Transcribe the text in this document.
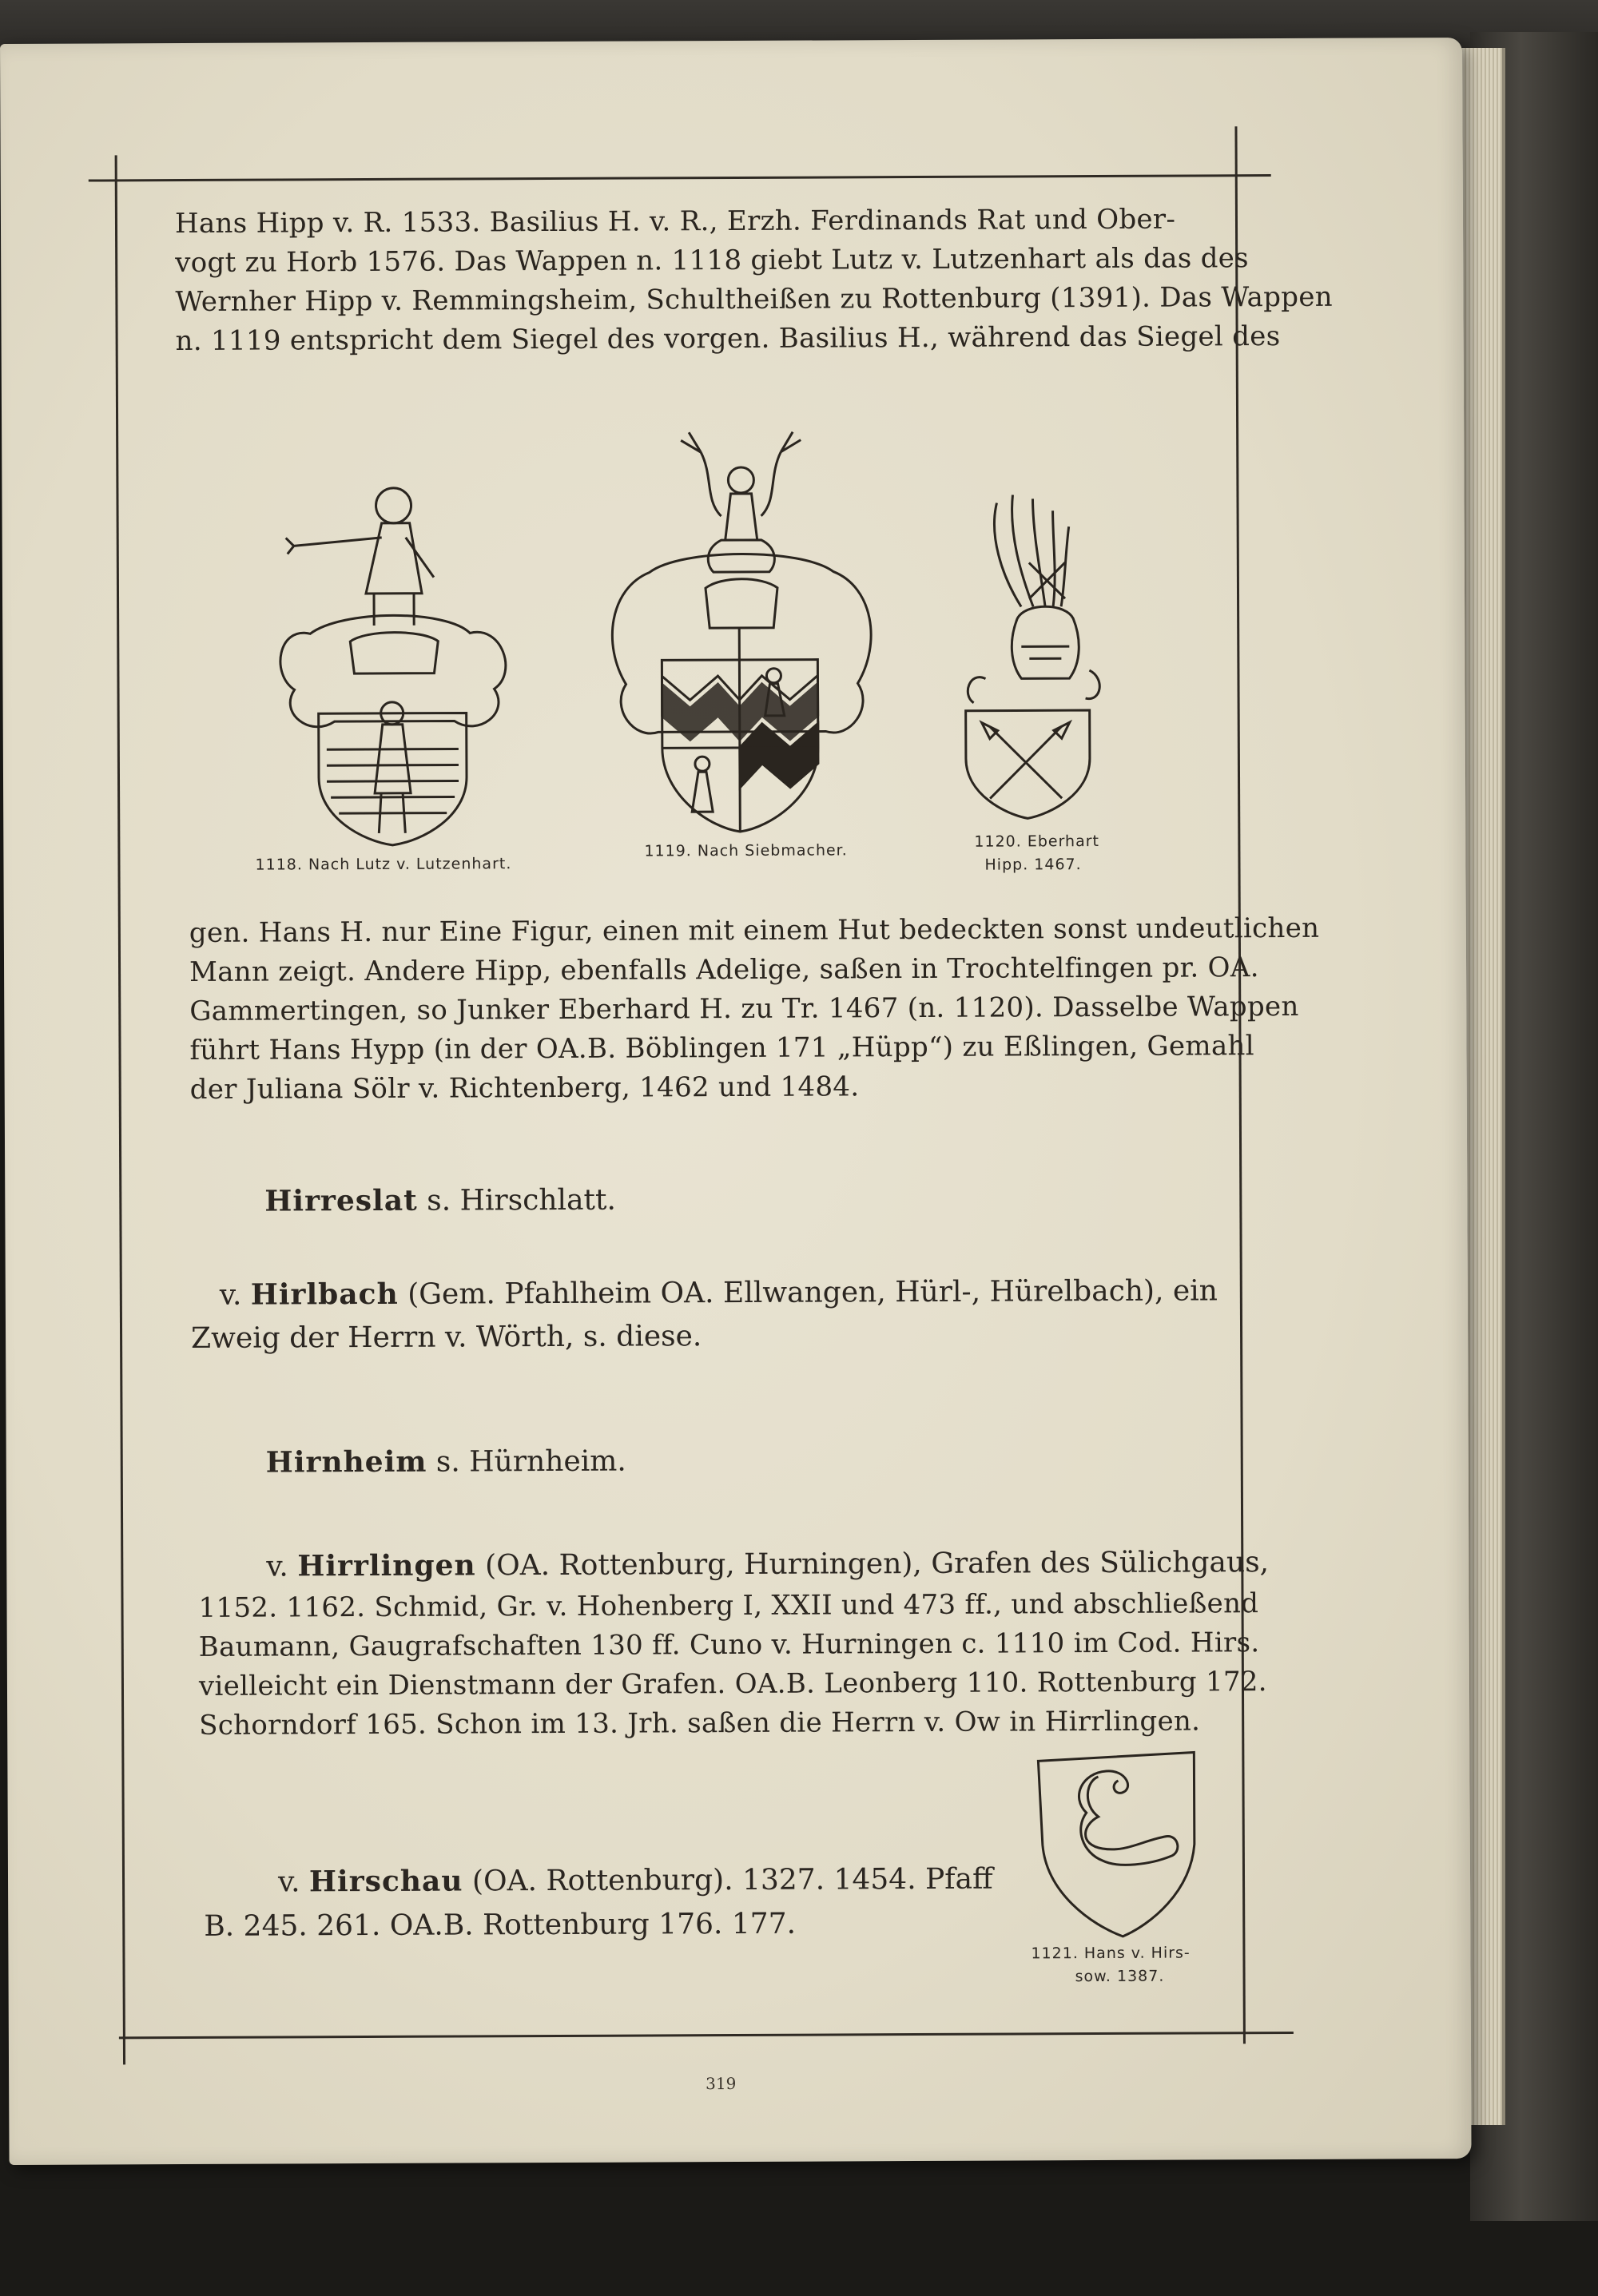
Hans Hipp v. R. 1533. Basilius H. v. R., Erzh. Ferdinands Rat und Ober-

vogt zu Horb 1576. Das Wappen n. 1118 giebt Lutz v. Lutzenhart als das des

Wernher Hipp v. Remmingsheim, Schultheißen zu Rottenburg (1391). Das Wappen

n. 1119 entspricht dem Siegel des vorgen. Basilius H., während das Siegel des

1118. Nach Lutz v. Lutzenhart.
1119. Nach Siebmacher.
1120. Eberhart
Hipp. 1467.

gen. Hans H. nur Eine Figur, einen mit einem Hut bedeckten sonst undeutlichen

Mann zeigt. Andere Hipp, ebenfalls Adelige, saßen in Trochtelfingen pr. OA.

Gammertingen, so Junker Eberhard H. zu Tr. 1467 (n. 1120). Dasselbe Wappen

führt Hans Hypp (in der OA.B. Böblingen 171 „Hüpp“) zu Eßlingen, Gemahl

der Juliana Sölr v. Richtenberg, 1462 und 1484.

Hirreslat s. Hirschlatt.
v. Hirlbach (Gem. Pfahlheim OA. Ellwangen, Hürl-, Hürelbach), ein
Zweig der Herrn v. Wörth, s. diese.
Hirnheim s. Hürnheim.
v. Hirrlingen (OA. Rottenburg, Hurningen), Grafen des Sülichgaus,

1152. 1162. Schmid, Gr. v. Hohenberg I, XXII und 473 ff., und abschließend

Baumann, Gaugrafschaften 130 ff. Cuno v. Hurningen c. 1110 im Cod. Hirs.

vielleicht ein Dienstmann der Grafen. OA.B. Leonberg 110. Rottenburg 172.

Schorndorf 165. Schon im 13. Jrh. saßen die Herrn v. Ow in Hirrlingen.

v. Hirschau (OA. Rottenburg). 1327. 1454. Pfaff
B. 245. 261. OA.B. Rottenburg 176. 177.
1121. Hans v. Hirs-
sow. 1387.
319
